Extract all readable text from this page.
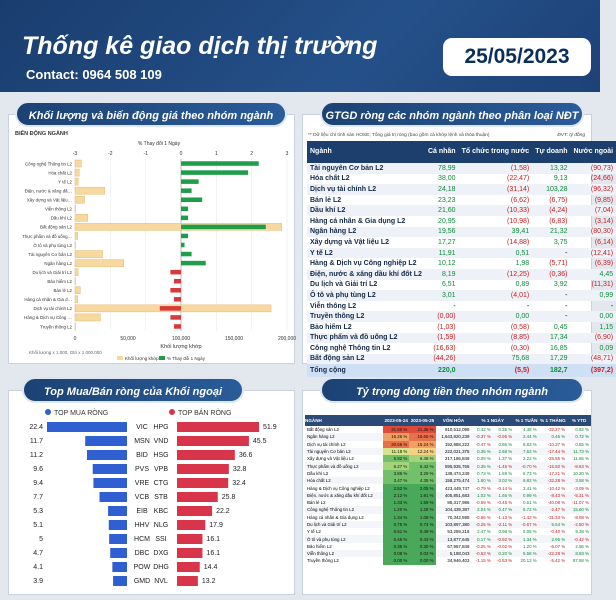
Thống kê giao dịch thị trường
Contact: 0964 508 109
25/05/2023
BIẾN ĐỘNG NGÀNH
% Thay đổi 1 Ngày
-3	-2	-1	0	1	2	3
Công nghệ Thông tin L2
Hóa chất L2
Y tế L2
Điện, nước & xăng dầ…
Xây dựng và Vật liệu…
Viễn thông L2
Dầu khí L2
Bất động sản L2
Thực phẩm và đồ uống…
Ô tô và phụ tùng L2
Tài nguyên Cơ bản L2
Ngân hàng L2
Du lịch và Giải trí L2
Bảo hiểm L2
Bán lẻ L2
Hàng cá nhân & Gia d…
Dịch vụ tài chính L2
Hàng & Dịch vụ Công …
Truyền thông L2
0	50,000	100,000	150,000	200,000
Khối lượng khớp
Khối lượng x 1.000, Gtri x 1.000.000
Khối lượng khớp % Thay đổi 1 Ngày
Khối lượng và biến động giá theo nhóm ngành
** Dữ liệu chỉ tính sàn HOSE; Tổng giá trị ròng (bao gồm cả khớp lệnh và thỏa thuận)	ĐVT: tỷ đồng
Ngành	Cá nhân	Tổ chức trong nước	Tự doanh	Nước ngoài
Tài nguyên Cơ bản L2	78,99	(1,58)	13,32	(90,73)
Hóa chất L2	38,00	(22,47)	9,13	(24,66)
Dịch vụ tài chính L2	24,18	(31,14)	103,28	(96,32)
Bán lẻ L2	23,23	(6,62)	(6,75)	(9,85)
Dầu khí L2	21,60	(10,33)	(4,24)	(7,04)
Hàng cá nhân & Gia dụng L2	20,95	(10,98)	(6,83)	(3,14)
Ngân hàng L2	19,56	39,41	21,32	(80,30)
Xây dựng và Vật liệu L2	17,27	(14,88)	3,75	(6,14)
Y tế L2	11,91	0,51	-	(12,41)
Hàng & Dịch vụ Công nghiệp L2	10,12	1,98	(5,71)	(6,39)
Điện, nước & xăng dầu khí đốt L2	8,19	(12,25)	(0,36)	4,45
Du lịch và Giải trí L2	6,51	0,89	3,92	(11,31)
Ô tô và phụ tùng L2	3,01	(4,01)	-	0,99
Viễn thông L2	-	-	-	-
Truyền thông L2	(0,00)	0,00	-	0,00
Bảo hiểm L2	(1,03)	(0,58)	0,45	1,15
Thực phẩm và đồ uống L2	(1,59)	(8,85)	17,34	(6,90)
Công nghệ Thông tin L2	(16,63)	(0,30)	16,85	0,09
Bất động sản L2	(44,26)	75,68	17,29	(48,71)
Tổng cộng	220,0	(5,5)	182,7	(397,2)
GTGD ròng các nhóm ngành theo phân loại NĐT
TOP MUA RÒNG	TOP BÁN RÒNG
22.4	VIC
11.7	MSN
11.2	BID
9.6	PVS
9.4	VRE
7.7	VCB
5.3	EIB
5.1	HHV
5	HCM
4.7	DBC
4.1	POW
3.9	GMD
HPG	51.9
VND	45.5
HSG	36.6
VPB	32.8
CTG	32.4
STB	25.8
KBC	22.2
NLG	17.9
SSI	16.1
DXG	16.1
DHG	14.4
NVL	13.2
Top Mua/Bán ròng của Khối ngoại
NGÀNH	2023-05-24	2023-05-25	VỐN HÓA	% 1 NGÀY		% 1 TUẦN	% 1 THÁNG	% YTD
Bất động sản L2	21.50 %	21.36 %	910,512,098	0.42 %	0.35 %	4.48 %	-32.27 %	0.92 %
Ngân hàng L2	16.26 %	18.65 %	1,643,820,239	-0.37 %	-0.95 %	2.44 %	0.46 %	0.72 %
Dịch vụ tài chính L2	20.66 %	15.24 %	192,988,222	-0.47 %	0.86 %	8.83 %	-10.37 %	0.55 %
Tài nguyên Cơ bản L2	11.18 %	12.24 %	222,021,375	0.35 %	2.68 %	7.62 %	-17.44 %	11.73 %
Xây dựng và Vật liệu L2	5.92 %	6.46 %	217,186,849	0.09 %	1.37 %	2.22 %	-25.55 %	11.55 %
Thực phẩm và đồ uống L2	6.27 %	5.42 %	595,935,765	0.35 %	-1.45 %	-0.70 %	-15.50 %	-8.63 %
Dầu khí L2	3.85 %	3.29 %	138,474,249	0.73 %	1.69 %	6.73 %	-17.21 %	10.20 %
Hóa chất L2	3.47 %	4.35 %	158,275,474	1.80 %	3.02 %	9.82 %	-32.28 %	3.58 %
Hàng & Dịch vụ Công nghiệp L2	2.52 %	2.05 %	423,449,747	-0.79 %	-0.14 %	3.41 %	-10.42 %	-3.09 %
Điện, nước & xăng dầu khí đốt L2	2.12 %	1.91 %	405,851,683	1.02 %	1.66 %	0.99 %	-8.43 %	-5.31 %
Bán lẻ L2	1.33 %	1.59 %	85,317,986	-0.59 %	-0.45 %	0.51 %	-40.08 %	-11.07 %
Công nghệ Thông tin L2	1.20 %	1.28 %	104,439,387	2.04 %	0.47 %	5.72 %	-2.47 %	15.60 %
Hàng cá nhân & Gia dụng L2	1.34 %	1.08 %	70,342,595	-0.66 %	-1.13 %	-1.42 %	-31.33 %	-8.08 %
Du lịch và Giải trí L2	0.75 %	0.74 %	103,897,380	-0.25 %	-2.11 %	-0.67 %	5.54 %	-2.50 %
Y tế L2	0.51 %	0.49 %	53,259,218	2.47 %	0.98 %	5.05 %	-0.40 %	9.38 %
Ô tô và phụ tùng L2	0.45 %	0.43 %	13,877,645	0.17 %	-0.92 %	1.34 %	2.95 %	-0.42 %
Bảo hiểm L2	0.35 %	0.30 %	67,957,849	-0.25 %	-0.02 %	1.20 %	-6.07 %	2.56 %
Viễn thông L2	0.08 %	0.02 %	5,188,043	-0.53 %	0.20 %	5.58 %	-22.28 %	8.93 %
Truyền thông L2	0.00 %	0.00 %	34,946,403	-1.15 %	-0.53 %	20.12 %	-5.42 %	87.58 %
Tỷ trọng dòng tiền theo nhóm ngành
